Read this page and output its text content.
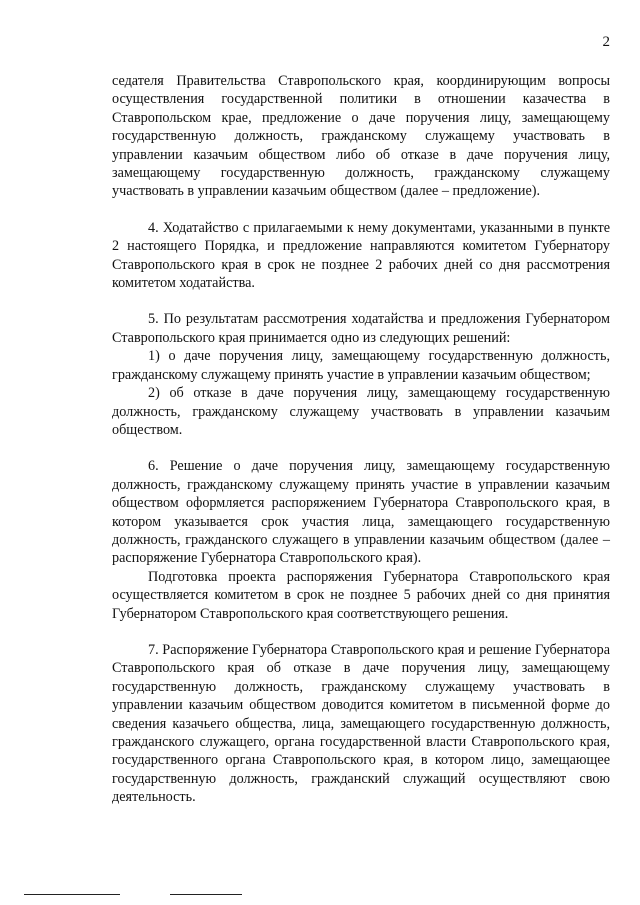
2

седателя Правительства Ставропольского края, координирующим вопросы осуществления государственной политики в отношении казачества в Ставропольском крае, предложение о даче поручения лицу, замещающему государственную должность, гражданскому служащему участвовать в управлении казачьим обществом либо об отказе в даче поручения лицу, замещающему государственную должность, гражданскому служащему участвовать в управлении казачьим обществом (далее – предложение).

4. Ходатайство с прилагаемыми к нему документами, указанными в пункте 2 настоящего Порядка, и предложение направляются комитетом Губернатору Ставропольского края в срок не позднее 2 рабочих дней со дня рассмотрения комитетом ходатайства.

5. По результатам рассмотрения ходатайства и предложения Губернатором Ставропольского края принимается одно из следующих решений:

1) о даче поручения лицу, замещающему государственную должность, гражданскому служащему принять участие в управлении казачьим обществом;

2) об отказе в даче поручения лицу, замещающему государственную должность, гражданскому служащему участвовать в управлении казачьим обществом.

6. Решение о даче поручения лицу, замещающему государственную должность, гражданскому служащему принять участие в управлении казачьим обществом оформляется распоряжением Губернатора Ставропольского края, в котором указывается срок участия лица, замещающего государственную должность, гражданского служащего в управлении казачьим обществом (далее – распоряжение Губернатора Ставропольского края).

Подготовка проекта распоряжения Губернатора Ставропольского края осуществляется комитетом в срок не позднее 5 рабочих дней со дня принятия Губернатором Ставропольского края соответствующего решения.

7. Распоряжение Губернатора Ставропольского края и решение Губернатора Ставропольского края об отказе в даче поручения лицу, замещающему государственную должность, гражданскому служащему участвовать в управлении казачьим обществом доводится комитетом в письменной форме до сведения казачьего общества, лица, замещающего государственную должность, гражданского служащего, органа государственной власти Ставропольского края, государственного органа Ставропольского края, в котором лицо, замещающее государственную должность, гражданский служащий осуществляют свою деятельность.
